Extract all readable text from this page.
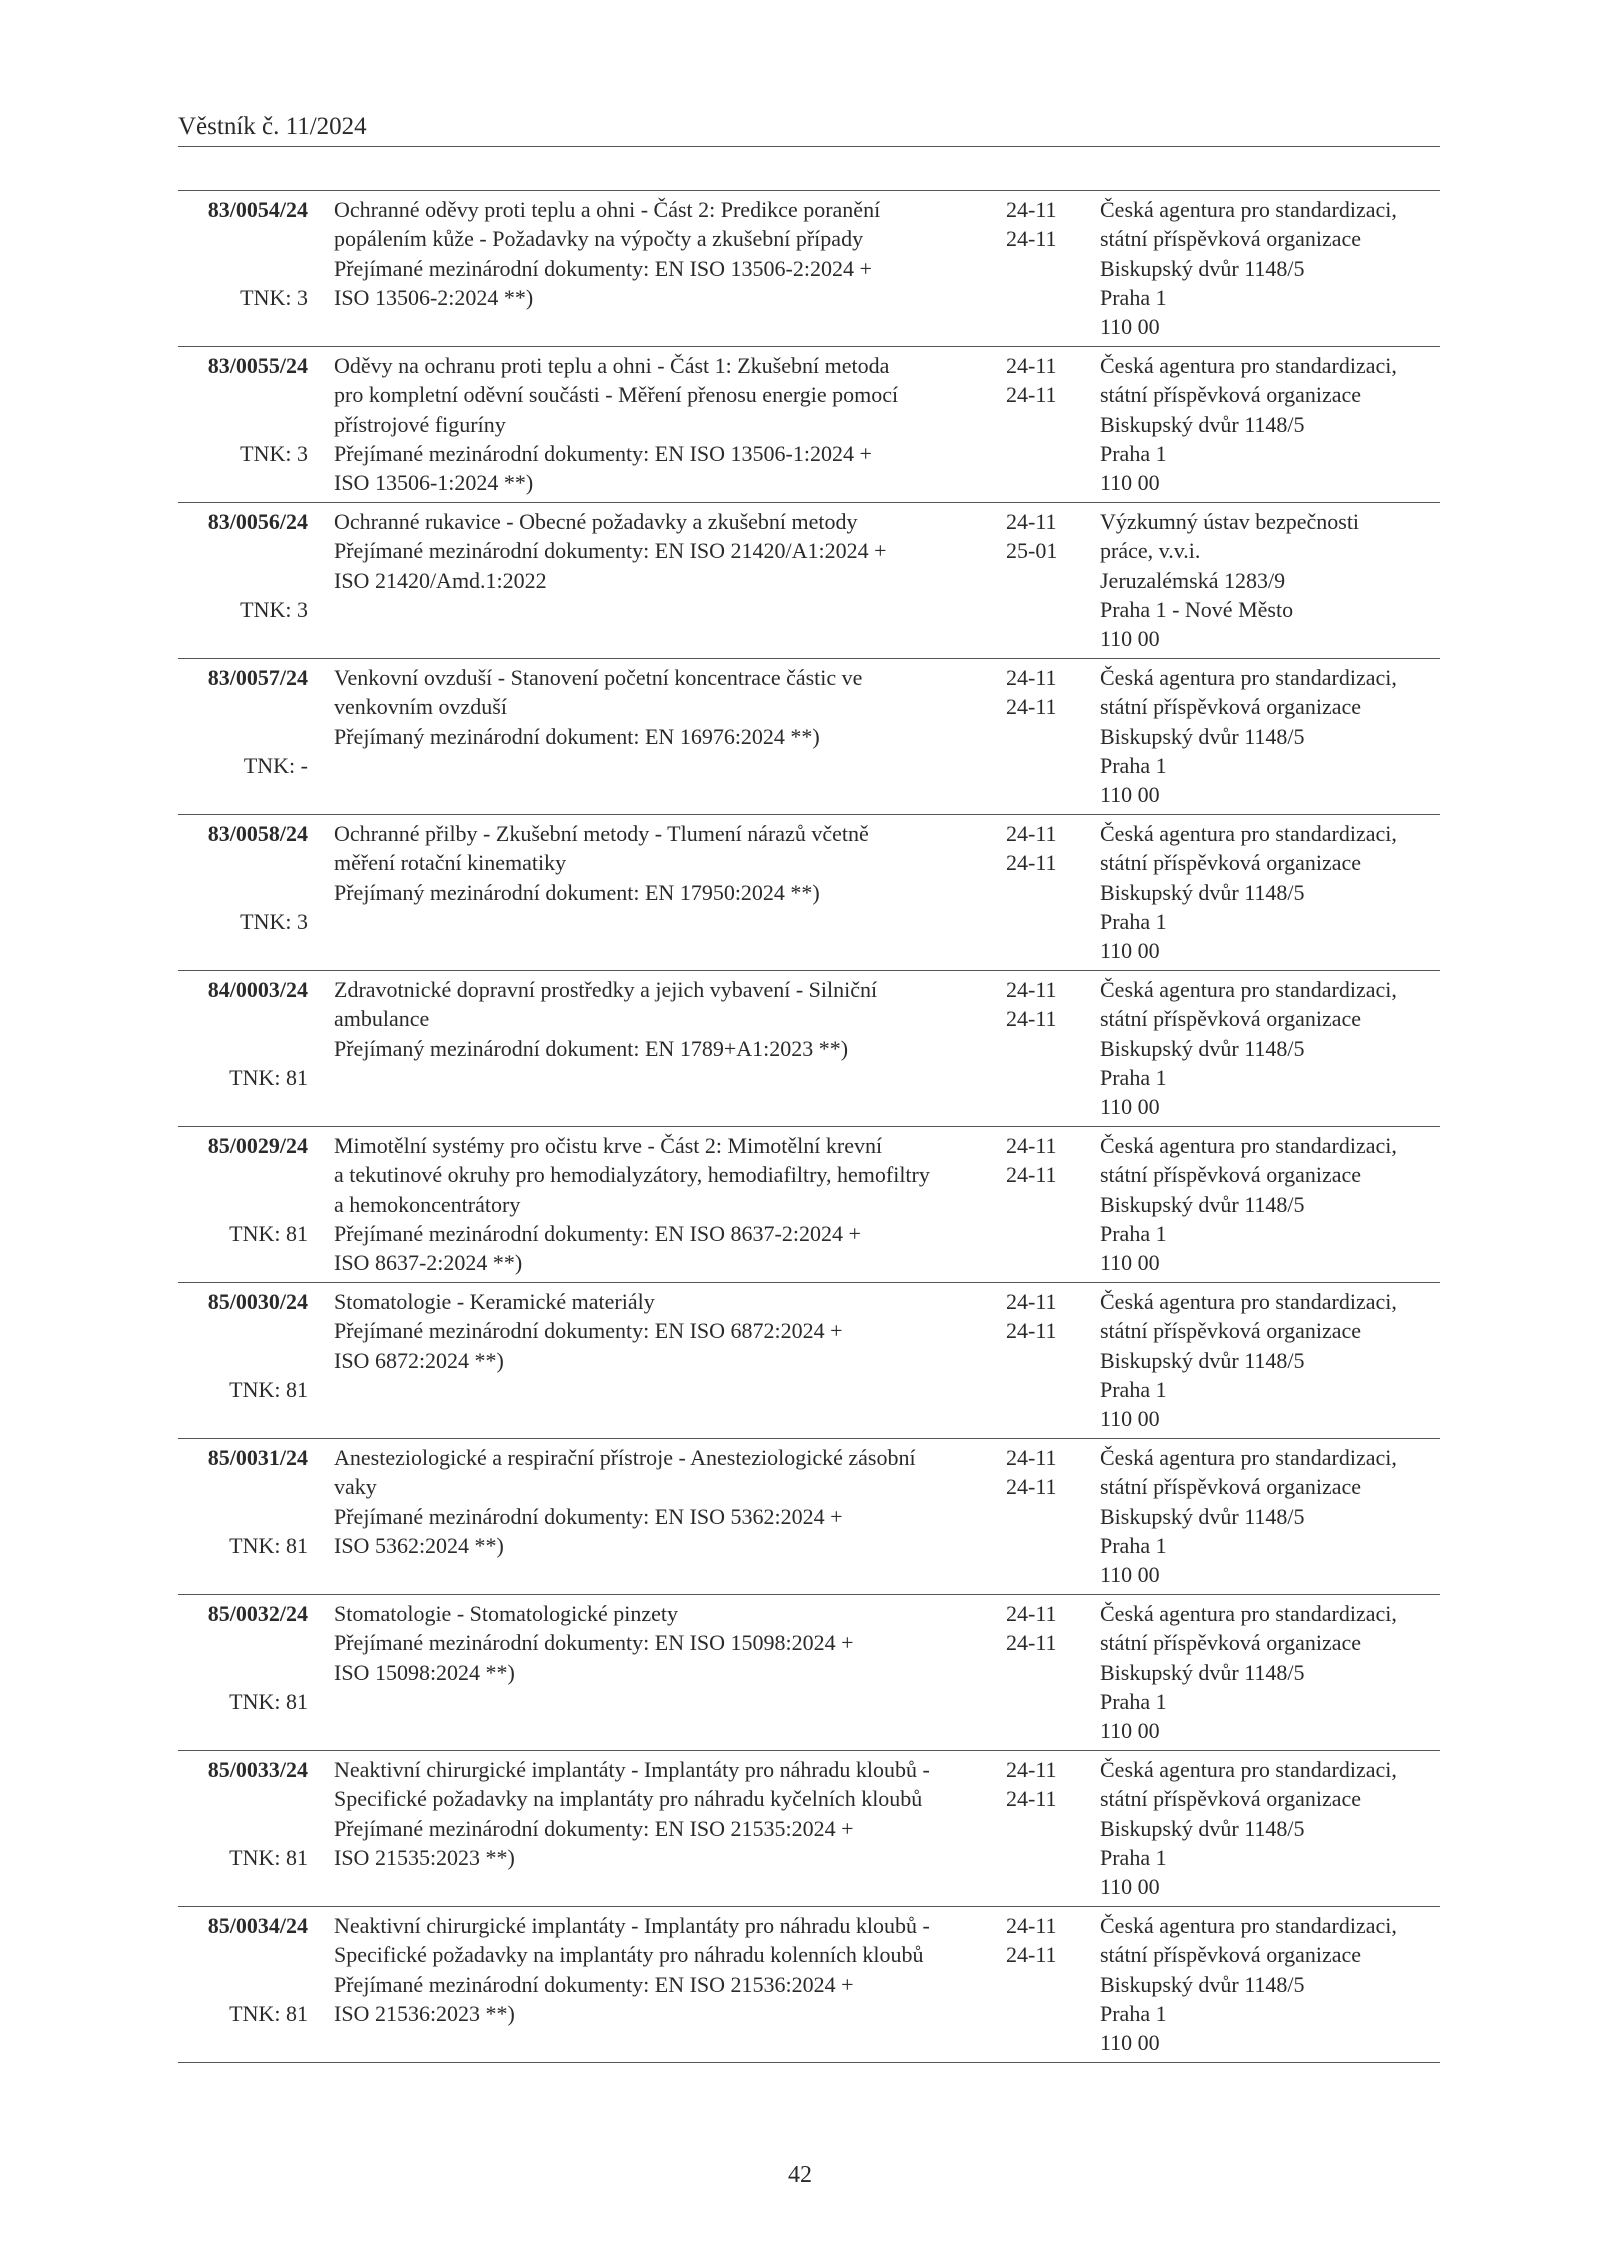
Věstník č. 11/2024
83/0054/24
TNK: 3
Ochranné oděvy proti teplu a ohni - Část 2: Predikce poranění
popálením kůže - Požadavky na výpočty a zkušební případy
Přejímané mezinárodní dokumenty: EN ISO 13506-2:2024 +
ISO 13506-2:2024 **)
24-11
24-11
Česká agentura pro standardizaci,
státní příspěvková organizace
Biskupský dvůr 1148/5
Praha 1
110 00
83/0055/24
TNK: 3
Oděvy na ochranu proti teplu a ohni - Část 1: Zkušební metoda
pro kompletní oděvní součásti - Měření přenosu energie pomocí
přístrojové figuríny
Přejímané mezinárodní dokumenty: EN ISO 13506-1:2024 +
ISO 13506-1:2024 **)
24-11
24-11
Česká agentura pro standardizaci,
státní příspěvková organizace
Biskupský dvůr 1148/5
Praha 1
110 00
83/0056/24
TNK: 3
Ochranné rukavice - Obecné požadavky a zkušební metody
Přejímané mezinárodní dokumenty: EN ISO 21420/A1:2024 +
ISO 21420/Amd.1:2022
24-11
25-01
Výzkumný ústav bezpečnosti
práce, v.v.i.
Jeruzalémská 1283/9
Praha 1 - Nové Město
110 00
83/0057/24
TNK: -
Venkovní ovzduší - Stanovení početní koncentrace částic ve
venkovním ovzduší
Přejímaný mezinárodní dokument: EN 16976:2024 **)
24-11
24-11
Česká agentura pro standardizaci,
státní příspěvková organizace
Biskupský dvůr 1148/5
Praha 1
110 00
83/0058/24
TNK: 3
Ochranné přilby - Zkušební metody - Tlumení nárazů včetně
měření rotační kinematiky
Přejímaný mezinárodní dokument: EN 17950:2024 **)
24-11
24-11
Česká agentura pro standardizaci,
státní příspěvková organizace
Biskupský dvůr 1148/5
Praha 1
110 00
84/0003/24
TNK: 81
Zdravotnické dopravní prostředky a jejich vybavení - Silniční
ambulance
Přejímaný mezinárodní dokument: EN 1789+A1:2023 **)
24-11
24-11
Česká agentura pro standardizaci,
státní příspěvková organizace
Biskupský dvůr 1148/5
Praha 1
110 00
85/0029/24
TNK: 81
Mimotělní systémy pro očistu krve - Část 2: Mimotělní krevní
a tekutinové okruhy pro hemodialyzátory, hemodiafiltry, hemofiltry
a hemokoncentrátory
Přejímané mezinárodní dokumenty: EN ISO 8637-2:2024 +
ISO 8637-2:2024 **)
24-11
24-11
Česká agentura pro standardizaci,
státní příspěvková organizace
Biskupský dvůr 1148/5
Praha 1
110 00
85/0030/24
TNK: 81
Stomatologie - Keramické materiály
Přejímané mezinárodní dokumenty: EN ISO 6872:2024 +
ISO 6872:2024 **)
24-11
24-11
Česká agentura pro standardizaci,
státní příspěvková organizace
Biskupský dvůr 1148/5
Praha 1
110 00
85/0031/24
TNK: 81
Anesteziologické a respirační přístroje - Anesteziologické zásobní
vaky
Přejímané mezinárodní dokumenty: EN ISO 5362:2024 +
ISO 5362:2024 **)
24-11
24-11
Česká agentura pro standardizaci,
státní příspěvková organizace
Biskupský dvůr 1148/5
Praha 1
110 00
85/0032/24
TNK: 81
Stomatologie - Stomatologické pinzety
Přejímané mezinárodní dokumenty: EN ISO 15098:2024 +
ISO 15098:2024 **)
24-11
24-11
Česká agentura pro standardizaci,
státní příspěvková organizace
Biskupský dvůr 1148/5
Praha 1
110 00
85/0033/24
TNK: 81
Neaktivní chirurgické implantáty - Implantáty pro náhradu kloubů -
Specifické požadavky na implantáty pro náhradu kyčelních kloubů
Přejímané mezinárodní dokumenty: EN ISO 21535:2024 +
ISO 21535:2023 **)
24-11
24-11
Česká agentura pro standardizaci,
státní příspěvková organizace
Biskupský dvůr 1148/5
Praha 1
110 00
85/0034/24
TNK: 81
Neaktivní chirurgické implantáty - Implantáty pro náhradu kloubů -
Specifické požadavky na implantáty pro náhradu kolenních kloubů
Přejímané mezinárodní dokumenty: EN ISO 21536:2024 +
ISO 21536:2023 **)
24-11
24-11
Česká agentura pro standardizaci,
státní příspěvková organizace
Biskupský dvůr 1148/5
Praha 1
110 00
42
